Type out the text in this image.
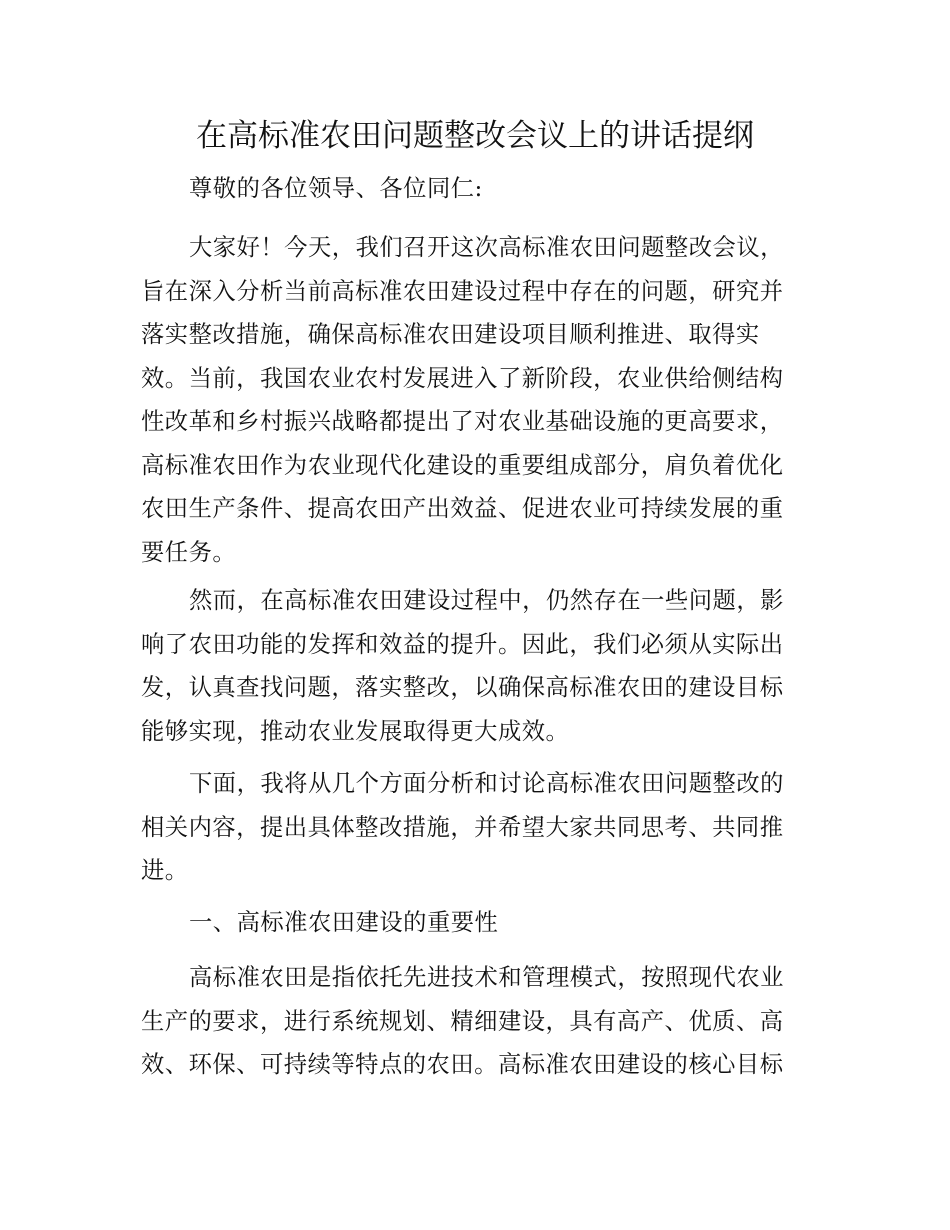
在高标准农田问题整改会议上的讲话提纲

尊敬的各位领导、各位同仁:

大家好！今天，我们召开这次高标准农田问题整改会议，
旨在深入分析当前高标准农田建设过程中存在的问题，研究并
落实整改措施，确保高标准农田建设项目顺利推进、取得实
效。当前，我国农业农村发展进入了新阶段，农业供给侧结构
性改革和乡村振兴战略都提出了对农业基础设施的更高要求，
高标准农田作为农业现代化建设的重要组成部分，肩负着优化
农田生产条件、提高农田产出效益、促进农业可持续发展的重
要任务。
然而，在高标准农田建设过程中，仍然存在一些问题，影
响了农田功能的发挥和效益的提升。因此，我们必须从实际出
发，认真查找问题，落实整改，以确保高标准农田的建设目标
能够实现，推动农业发展取得更大成效。
下面，我将从几个方面分析和讨论高标准农田问题整改的
相关内容，提出具体整改措施，并希望大家共同思考、共同推
进。
一、高标准农田建设的重要性
高标准农田是指依托先进技术和管理模式，按照现代农业
生产的要求，进行系统规划、精细建设，具有高产、优质、高
效、环保、可持续等特点的农田。高标准农田建设的核心目标
